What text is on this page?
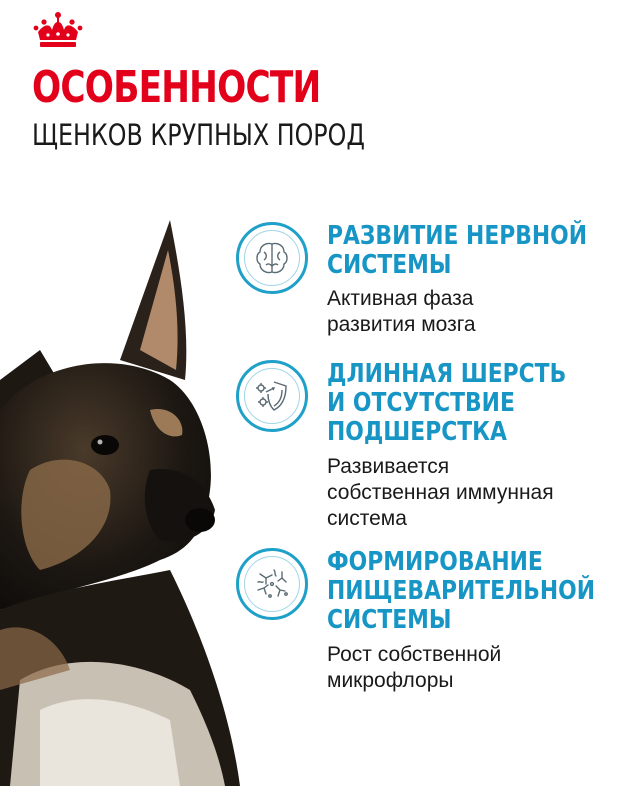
ОСОБЕННОСТИ
ЩЕНКОВ КРУПНЫХ ПОРОД
РАЗВИТИЕ НЕРВНОЙ
СИСТЕМЫ
Активная фаза
развития мозга
ДЛИННАЯ ШЕРСТЬ
И ОТСУТСТВИЕ
ПОДШЕРСТКА
Развивается
собственная иммунная
система
ФОРМИРОВАНИЕ
ПИЩЕВАРИТЕЛЬНОЙ
СИСТЕМЫ
Рост собственной
микрофлоры
